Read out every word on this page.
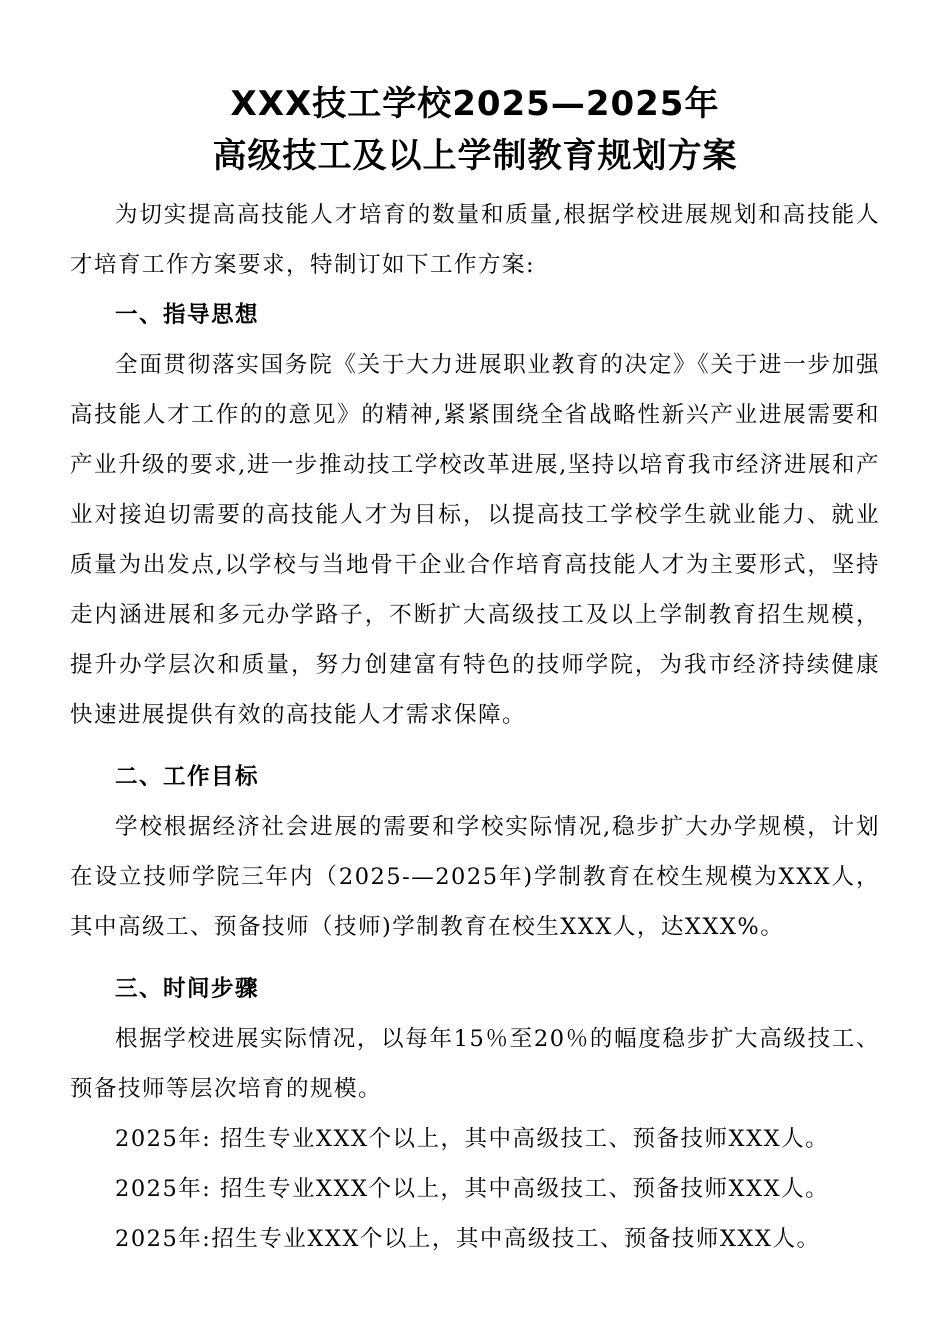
XXX技工学校2025—2025年
高级技工及以上学制教育规划方案

为切实提高高技能人才培育的数量和质量,根据学校进展规划和高技能人才培育工作方案要求，特制订如下工作方案:

一、指导思想

全面贯彻落实国务院《关于大力进展职业教育的决定》《关于进一步加强高技能人才工作的的意见》的精神,紧紧围绕全省战略性新兴产业进展需要和产业升级的要求,进一步推动技工学校改革进展,坚持以培育我市经济进展和产业对接迫切需要的高技能人才为目标，以提高技工学校学生就业能力、就业质量为出发点,以学校与当地骨干企业合作培育高技能人才为主要形式，坚持走内涵进展和多元办学路子，不断扩大高级技工及以上学制教育招生规模，提升办学层次和质量，努力创建富有特色的技师学院，为我市经济持续健康快速进展提供有效的高技能人才需求保障。

二、工作目标

学校根据经济社会进展的需要和学校实际情况,稳步扩大办学规模，计划在设立技师学院三年内（2025-—2025年)学制教育在校生规模为XXX人，其中高级工、预备技师（技师)学制教育在校生XXX人，达XXX%。

三、时间步骤

根据学校进展实际情况，以每年15％至20％的幅度稳步扩大高级技工、预备技师等层次培育的规模。

2025年: 招生专业XXX个以上，其中高级技工、预备技师XXX人。

2025年: 招生专业XXX个以上，其中高级技工、预备技师XXX人。

2025年:招生专业XXX个以上，其中高级技工、预备技师XXX人。
